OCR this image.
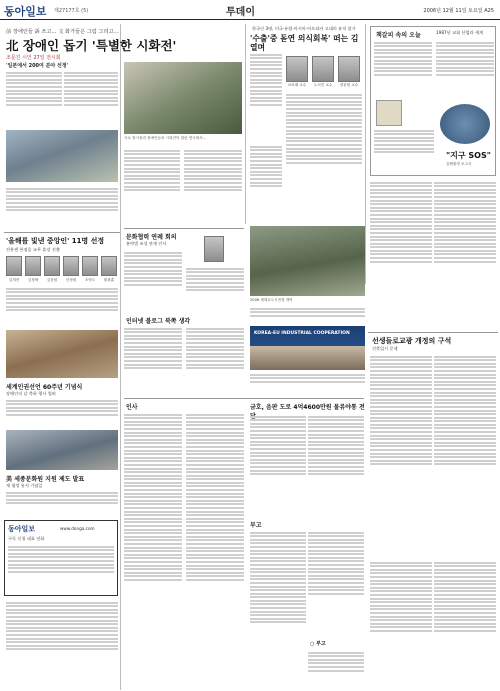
동아일보 제27177호 (5)	투데이	2006년 12월 11일 토요일 A25
前 장애인들 訴 쓰고… 文 화가들은 그림 그리고…
北 장애인 돕기 '특별한 시화전'
조문진 시인 27일 전시회
'일본에서 200여 분야 선정'
사로 창시장과 장애인들의 시화전이 열린 연극에서…
한국인 3명, 미국·유럽·아시아·아프리카 고대의 유적 참가
'수출'중 돋연 의식회복' 떠는 김 열며
보라래 교수	노서진 교수	경윤원 교수
책갈피 속의 오늘	1987년 교회 산업과 세계
"지구 SOS"
유엔환경 보고서
2006 세계로도시전정 개막
KOREA-EU INDUSTRIAL COOPERATION
선생들로교광 개정의 구석
건축입시 문제
'올해를 빛낸 중앙인' 11명 선정
진흥센 본점을 교무 휴장 선출
김재현	심정택	김상원	신정원	조명오	황광훈
세계인권선언 60주년 기념식
장애인의 날 축하 행사 열려
美 세종문화원 지원 제도 발표
재 협정 유지 기념일
동아일보	www.donga.com
구독 신청 대표 전화
문화협력 연례 회의
분야별 조성 관계 인사
인터넷 블로그 북쪽 생각
인사	금호, 음판 도로 4억4600만원 물류야통 전
부고
○ 부고
